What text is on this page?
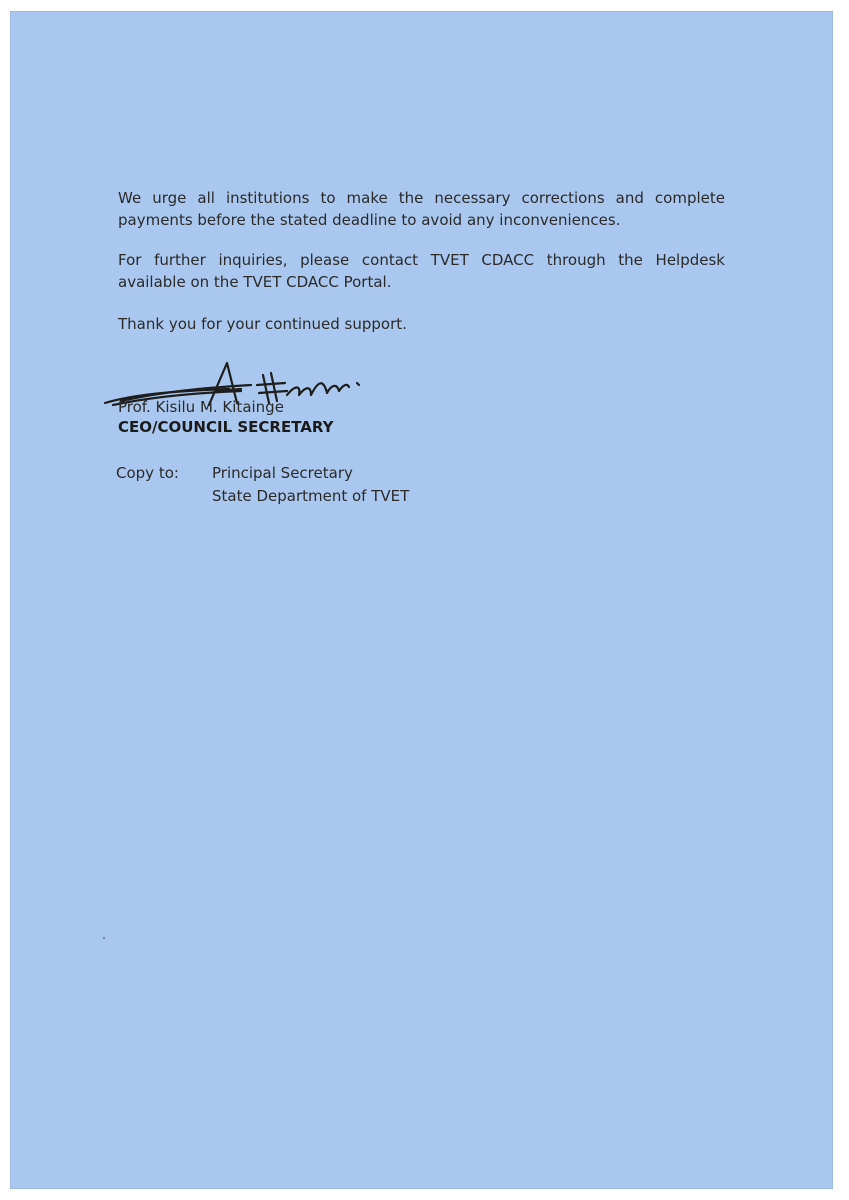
We urge all institutions to make the necessary corrections and complete
payments before the stated deadline to avoid any inconveniences.

For further inquiries, please contact TVET CDACC through the Helpdesk
available on the TVET CDACC Portal.

Thank you for your continued support.

Prof. Kisilu M. Kitainge
CEO/COUNCIL SECRETARY
Copy to: Principal Secretary
State Department of TVET
